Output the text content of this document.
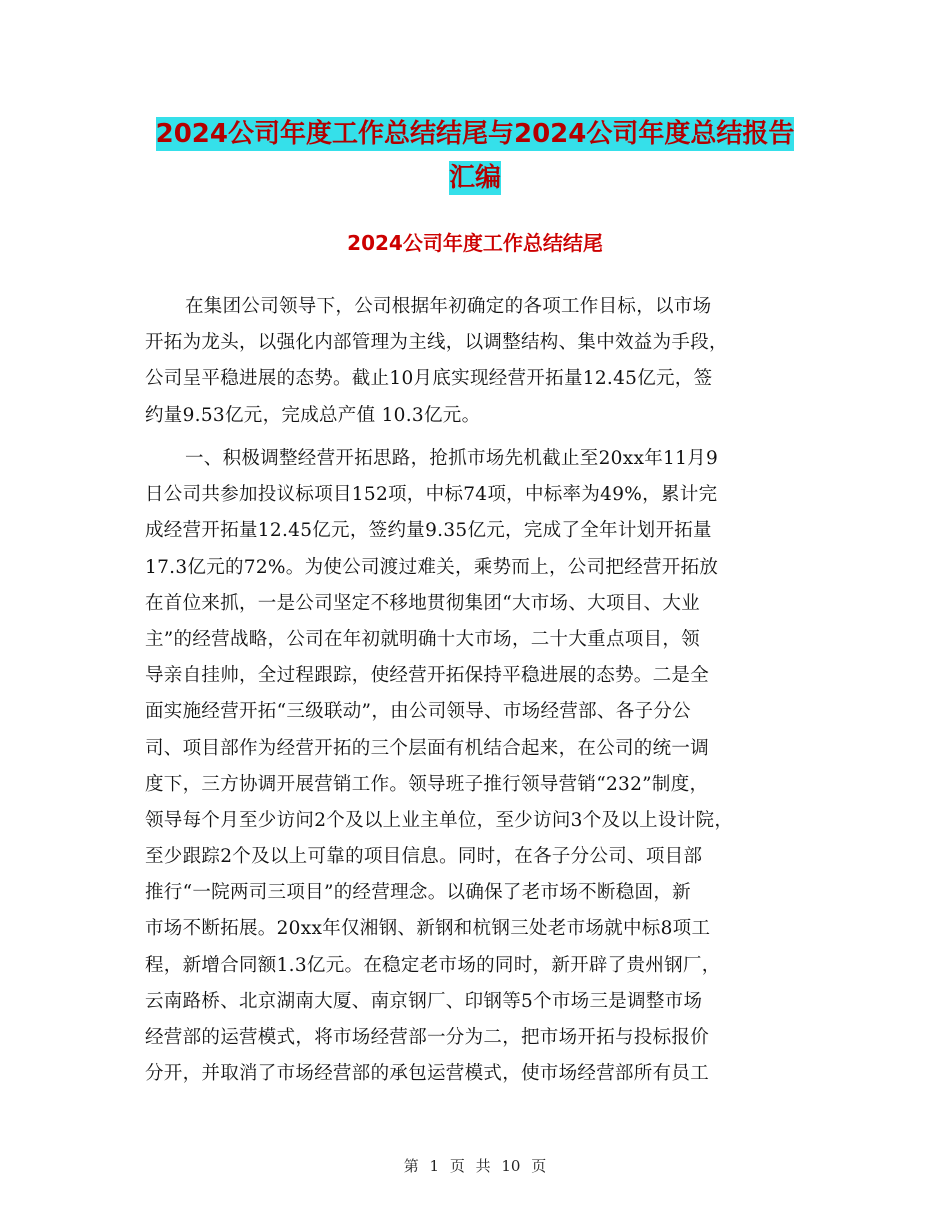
2024公司年度工作总结结尾与2024公司年度总结报告
汇编
2024公司年度工作总结结尾
在集团公司领导下，公司根据年初确定的各项工作目标，以市场
开拓为龙头，以强化内部管理为主线，以调整结构、集中效益为手段，
公司呈平稳进展的态势。截止10月底实现经营开拓量12.45亿元，签
约量9.53亿元，完成总产值 10.3亿元。
一、积极调整经营开拓思路，抢抓市场先机截止至20xx年11月9
日公司共参加投议标项目152项，中标74项，中标率为49%，累计完
成经营开拓量12.45亿元，签约量9.35亿元，完成了全年计划开拓量
17.3亿元的72%。为使公司渡过难关，乘势而上，公司把经营开拓放
在首位来抓，一是公司坚定不移地贯彻集团“大市场、大项目、大业
主”的经营战略，公司在年初就明确十大市场，二十大重点项目，领
导亲自挂帅，全过程跟踪，使经营开拓保持平稳进展的态势。二是全
面实施经营开拓“三级联动”，由公司领导、市场经营部、各子分公
司、项目部作为经营开拓的三个层面有机结合起来，在公司的统一调
度下，三方协调开展营销工作。领导班子推行领导营销“232”制度，
领导每个月至少访问2个及以上业主单位，至少访问3个及以上设计院，
至少跟踪2个及以上可靠的项目信息。同时，在各子分公司、项目部
推行“一院两司三项目”的经营理念。以确保了老市场不断稳固，新
市场不断拓展。20xx年仅湘钢、新钢和杭钢三处老市场就中标8项工
程，新增合同额1.3亿元。在稳定老市场的同时，新开辟了贵州钢厂，
云南路桥、北京湖南大厦、南京钢厂、印钢等5个市场三是调整市场
经营部的运营模式，将市场经营部一分为二，把市场开拓与投标报价
分开，并取消了市场经营部的承包运营模式，使市场经营部所有员工
第 1 页 共 10 页
